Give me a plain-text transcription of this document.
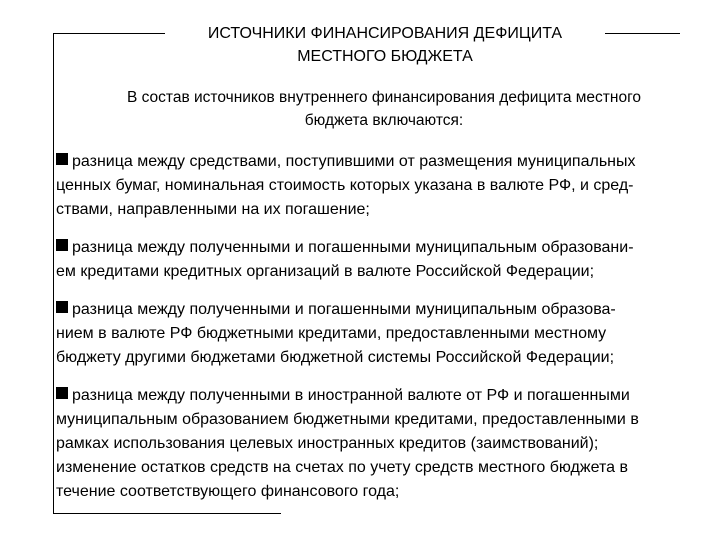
ИСТОЧНИКИ ФИНАНСИРОВАНИЯ ДЕФИЦИТА
МЕСТНОГО БЮДЖЕТА
В состав источников внутреннего финансирования дефицита местного
бюджета включаются:
разница между средствами, поступившими от размещения муниципальных
ценных бумаг, номинальная стоимость которых указана в валюте РФ, и сред-
ствами, направленными на их погашение;
разница между полученными и погашенными муниципальным образовани-
ем кредитами кредитных организаций в валюте Российской Федерации;
разница между полученными и погашенными муниципальным образова-
нием в валюте РФ бюджетными кредитами, предоставленными местному
бюджету другими бюджетами бюджетной системы Российской Федерации;
разница между полученными в иностранной валюте от РФ и погашенными
муниципальным образованием бюджетными кредитами, предоставленными в
рамках использования целевых иностранных кредитов (заимствований);
изменение остатков средств на счетах по учету средств местного бюджета в
течение соответствующего финансового года;
